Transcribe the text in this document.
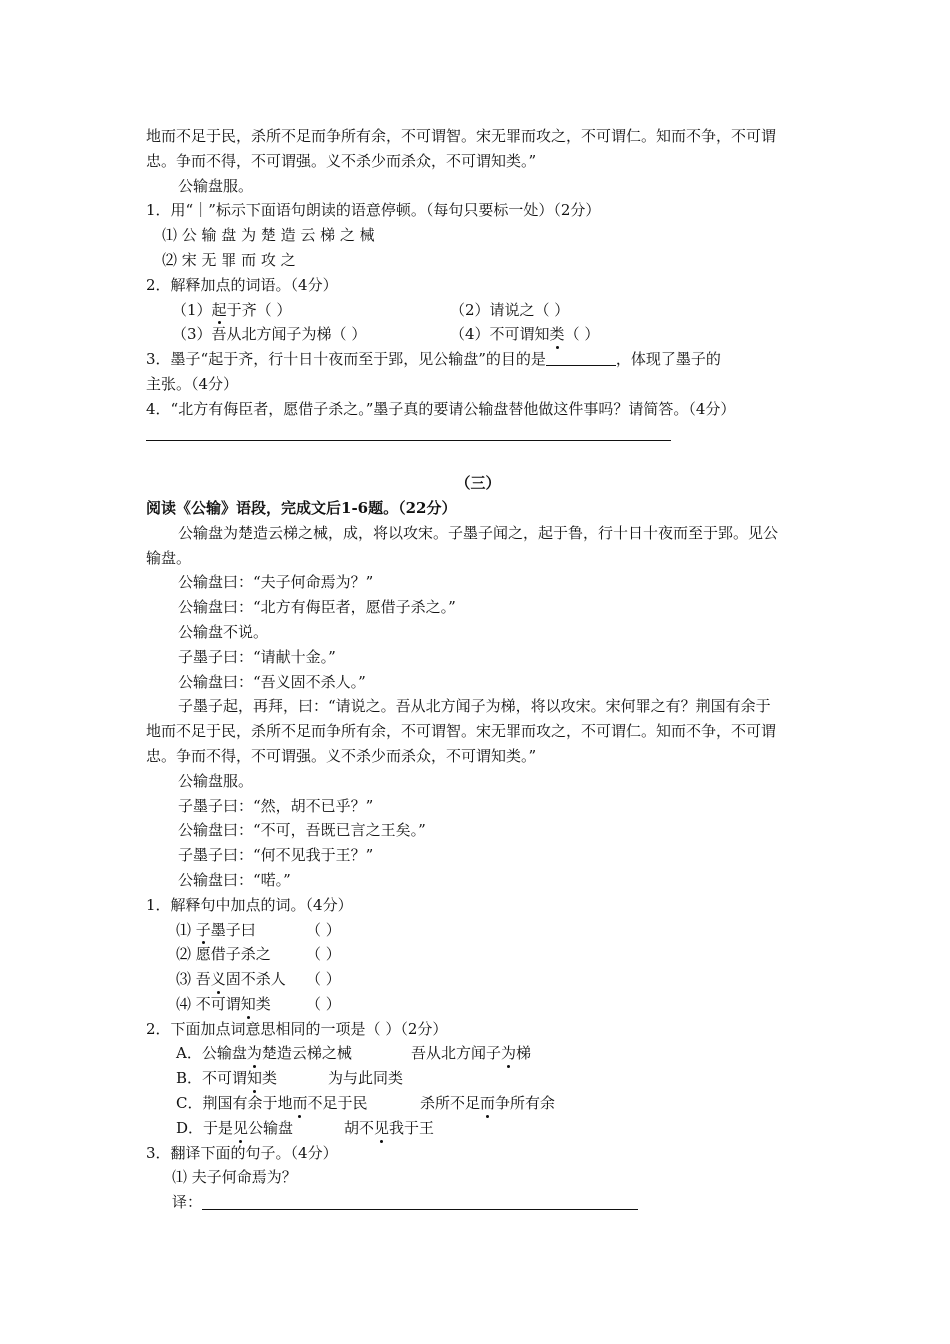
地而不足于民，杀所不足而争所有余，不可谓智。宋无罪而攻之，不可谓仁。知而不争，不可谓
忠。争而不得，不可谓强。义不杀少而杀众，不可谓知类。”
公输盘服。
1．用“｜”标示下面语句朗读的语意停顿。（每句只要标一处）（2分）
⑴ 公 输 盘 为 楚 造 云 梯 之 械
⑵ 宋 无 罪 而 攻 之
2．解释加点的词语。（4分）
（1）起于齐（ ）	（2）请说之（ ）
（3）吾从北方闻子为梯（ ）	（4）不可谓知类（ ）
3．墨子“起于齐，行十日十夜而至于郢，见公输盘”的目的是	，体现了墨子的
主张。（4分）
4．“北方有侮臣者，愿借子杀之。”墨子真的要请公输盘替他做这件事吗？请简答。（4分）
（三）
阅读《公输》语段，完成文后1-6题。（22分）
公输盘为楚造云梯之械，成，将以攻宋。子墨子闻之，起于鲁，行十日十夜而至于郢。见公
输盘。
公输盘曰：“夫子何命焉为？”
公输盘曰：“北方有侮臣者，愿借子杀之。”
公输盘不说。
子墨子曰：“请献十金。”
公输盘曰：“吾义固不杀人。”
子墨子起，再拜，曰：“请说之。吾从北方闻子为梯，将以攻宋。宋何罪之有？荆国有余于
地而不足于民，杀所不足而争所有余，不可谓智。宋无罪而攻之，不可谓仁。知而不争，不可谓
忠。争而不得，不可谓强。义不杀少而杀众，不可谓知类。”
公输盘服。
子墨子曰：“然，胡不已乎？”
公输盘曰：“不可，吾既已言之王矣。”
子墨子曰：“何不见我于王？”
公输盘曰：“喏。”
1．解释句中加点的词。（4分）
⑴ 子墨子曰	（ ）
⑵ 愿借子杀之 （ ）
⑶ 吾义固不杀人 （ ）
⑷ 不可谓知类 （ ）
2．下面加点词意思相同的一项是（ ）（2分）
A．公输盘为楚造云梯之械	吾从北方闻子为梯
B．不可谓知类	为与此同类
C．荆国有余于地而不足于民	杀所不足而争所有余
D．于是见公输盘	胡不见我于王
3．翻译下面的句子。（4分）
⑴ 夫子何命焉为？
译：
